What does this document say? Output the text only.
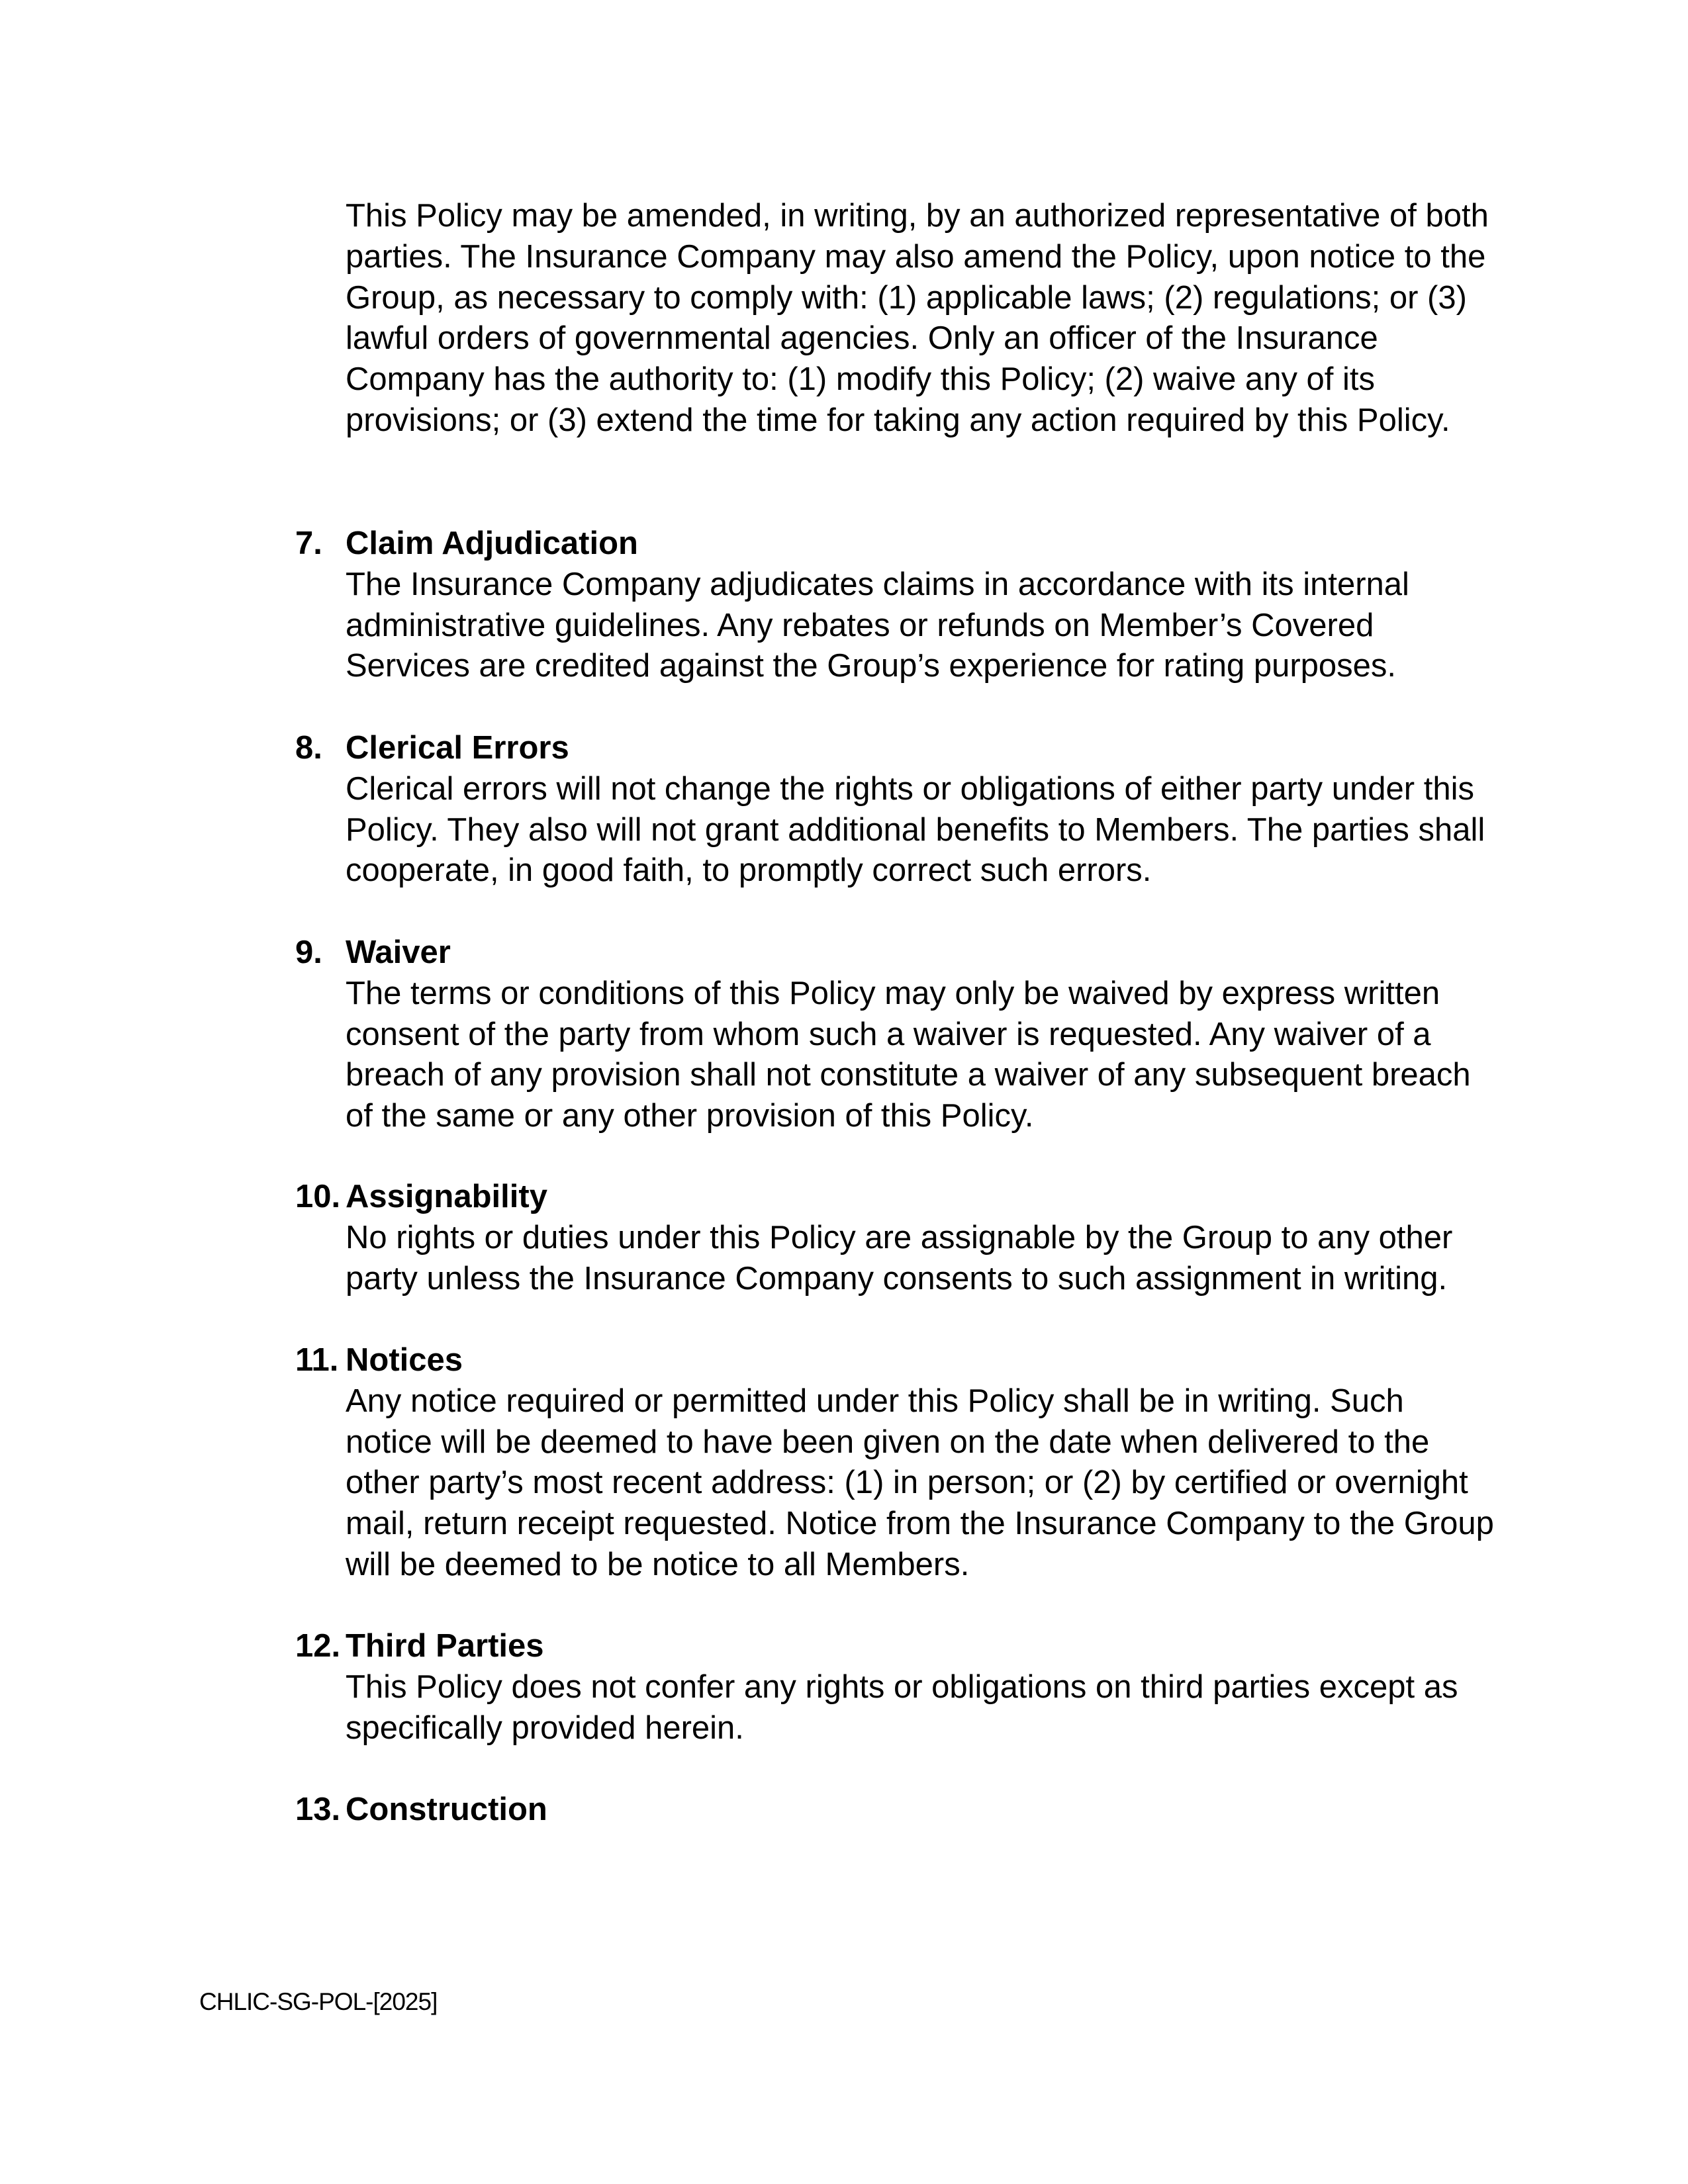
This Policy may be amended, in writing, by an authorized representative of both parties. The Insurance Company may also amend the Policy, upon notice to the Group, as necessary to comply with: (1) applicable laws; (2) regulations; or (3) lawful orders of governmental agencies. Only an officer of the Insurance Company has the authority to: (1) modify this Policy; (2) waive any of its provisions; or (3) extend the time for taking any action required by this Policy.

7. Claim Adjudication

The Insurance Company adjudicates claims in accordance with its internal administrative guidelines. Any rebates or refunds on Member’s Covered Services are credited against the Group’s experience for rating purposes.

8. Clerical Errors

Clerical errors will not change the rights or obligations of either party under this Policy. They also will not grant additional benefits to Members. The parties shall cooperate, in good faith, to promptly correct such errors.

9. Waiver

The terms or conditions of this Policy may only be waived by express written consent of the party from whom such a waiver is requested. Any waiver of a breach of any provision shall not constitute a waiver of any subsequent breach of the same or any other provision of this Policy.

10. Assignability

No rights or duties under this Policy are assignable by the Group to any other party unless the Insurance Company consents to such assignment in writing.

11. Notices

Any notice required or permitted under this Policy shall be in writing. Such notice will be deemed to have been given on the date when delivered to the other party’s most recent address: (1) in person; or (2) by certified or overnight mail, return receipt requested. Notice from the Insurance Company to the Group will be deemed to be notice to all Members.

12. Third Parties

This Policy does not confer any rights or obligations on third parties except as specifically provided herein.

13. Construction
CHLIC-SG-POL-[2025]
